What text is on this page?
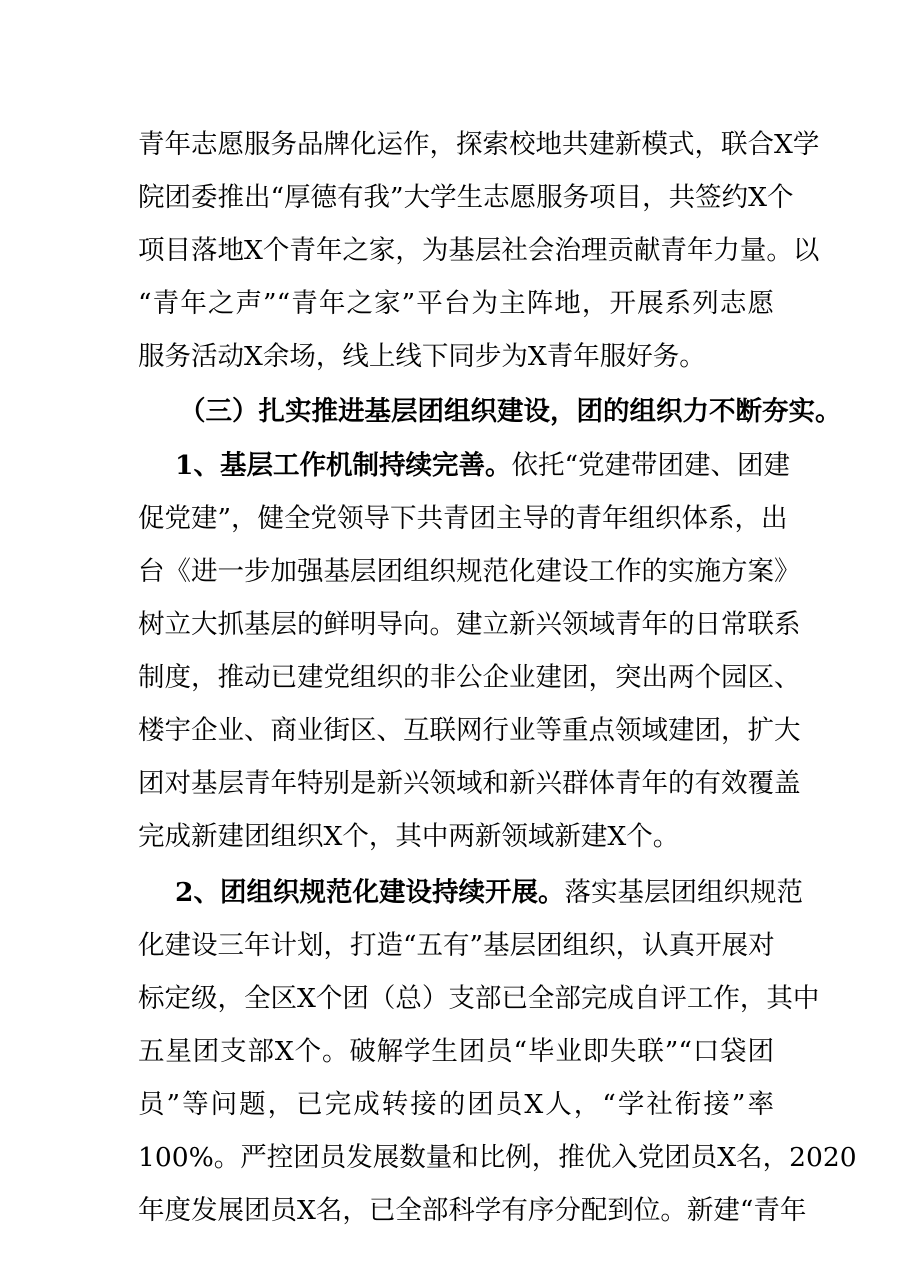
青年志愿服务品牌化运作，探索校地共建新模式，联合X学
院团委推出“厚德有我”大学生志愿服务项目，共签约X个
项目落地X个青年之家，为基层社会治理贡献青年力量。以
“青年之声”“青年之家”平台为主阵地，开展系列志愿
服务活动X余场，线上线下同步为X青年服好务。
（三）扎实推进基层团组织建设，团的组织力不断夯实。
1、基层工作机制持续完善。依托“党建带团建、团建
促党建”，健全党领导下共青团主导的青年组织体系，出
台《进一步加强基层团组织规范化建设工作的实施方案》
树立大抓基层的鲜明导向。建立新兴领域青年的日常联系
制度，推动已建党组织的非公企业建团，突出两个园区、
楼宇企业、商业街区、互联网行业等重点领域建团，扩大
团对基层青年特别是新兴领域和新兴群体青年的有效覆盖
完成新建团组织X个，其中两新领域新建X个。
2、团组织规范化建设持续开展。落实基层团组织规范
化建设三年计划，打造“五有”基层团组织，认真开展对
标定级，全区X个团（总）支部已全部完成自评工作，其中
五星团支部X个。破解学生团员“毕业即失联”“口袋团
员”等问题，已完成转接的团员X人，“学社衔接”率
100%。严控团员发展数量和比例，推优入党团员X名，2020
年度发展团员X名，已全部科学有序分配到位。新建“青年
